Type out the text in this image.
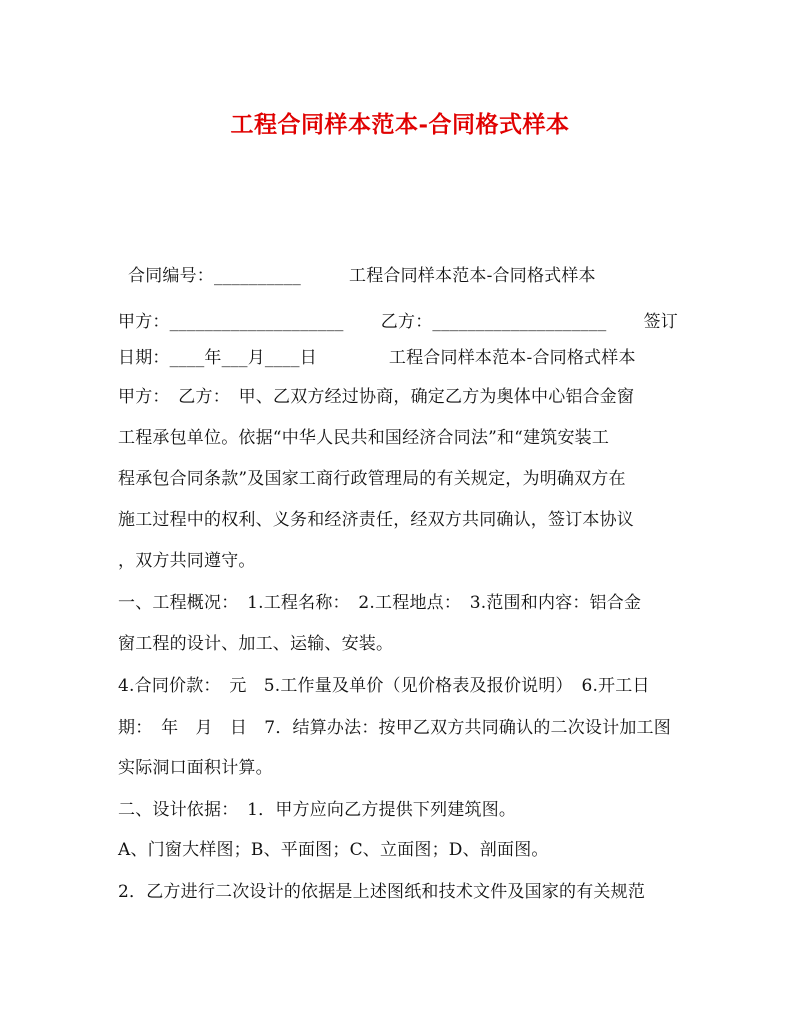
工程合同样本范本-合同格式样本
合同编号：__________	工程合同样本范本-合同格式样本
甲方：____________________ 乙方：____________________ 签订
日期：____年___月____日	工程合同样本范本-合同格式样本
甲方：　乙方：　甲、乙双方经过协商，确定乙方为奥体中心铝合金窗
工程承包单位。依据“中华人民共和国经济合同法”和“建筑安装工
程承包合同条款”及国家工商行政管理局的有关规定，为明确双方在
施工过程中的权利、义务和经济责任，经双方共同确认，签订本协议
，双方共同遵守。
一、工程概况：　1.工程名称：　2.工程地点：　3.范围和内容：铝合金
窗工程的设计、加工、运输、安装。
4.合同价款：　元　5.工作量及单价（见价格表及报价说明）　6.开工日
期：　年　月　日　7．结算办法：按甲乙双方共同确认的二次设计加工图
实际洞口面积计算。
二、设计依据：　1．甲方应向乙方提供下列建筑图。
A、门窗大样图；B、平面图；C、立面图；D、剖面图。
2．乙方进行二次设计的依据是上述图纸和技术文件及国家的有关规范
